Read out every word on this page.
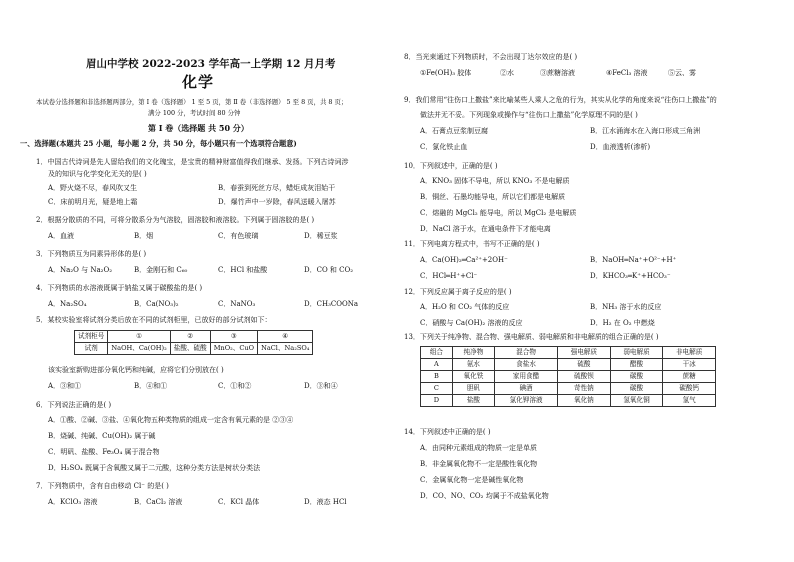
眉山中学校 2022-2023 学年高一上学期 12 月月考
化学
本试卷分选择题和非选择题两部分，第 Ⅰ 卷（选择题） 1 至 5 页，第 Ⅱ 卷（非选择题） 5 至 8 页，共 8 页；
满分 100 分，考试时间 80 分钟
第 Ⅰ 卷（选择题 共 50 分）
一、选择题(本题共 25 小题，每小题 2 分，共 50 分，每小题只有一个选项符合题意)
1．中国古代诗词是先人留给我们的文化瑰宝，是宝贵的精神财富值得我们继承、发扬。下列古诗词涉
及的知识与化学变化无关的是( )
A．野火烧不尽，春风吹又生	B．春蚕到死丝方尽，蜡炬成灰泪始干
C．床前明月光，疑是地上霜	D．爆竹声中一岁除，春风送暖入屠苏
2．根据分散质的不同，可将分散系分为气溶胶，固溶胶和液溶胶。下列属于固溶胶的是( )
A．血液	B．烟	C．有色玻璃	D．稀豆浆
3．下列物质互为同素异形体的是( )
A．Na₂O 与 Na₂O₂	B．金刚石和 C₆₀	C．HCl 和盐酸	D．CO 和 CO₂
4．下列物质的水溶液既属于钠盐又属于碳酸盐的是( )
A．Na₂SO₄	B．Ca(NO₃)₂	C．NaNO₃	D．CH₃COONa
5．某校实验室将试剂分类后放在不同的试剂柜里，已放好的部分试剂如下：
试剂柜号	①	②	③	④
试剂	NaOH、Ca(OH)₂	盐酸、硫酸	MnO₂、CuO	NaCl、Na₂SO₄
该实验室新购进部分氧化钙和纯碱，应将它们分别放在( )
A．③和①	B．④和①	C．①和②	D．③和④
6．下列说法正确的是( )
A．①酸、②碱、③盐、④氧化物五种类物质的组成一定含有氧元素的是 ②③④
B．烧碱、纯碱、Cu(OH)₂ 属于碱
C．明矾、盐酸、Fe₃O₄ 属于混合物
D．H₂SO₄ 既属于含氧酸又属于二元酸，这种分类方法是树状分类法
7．下列物质中，含有自由移动 Cl⁻ 的是( )
A．KClO₃ 溶液	B．CaCl₂ 溶液	C．KCl 晶体	D．液态 HCl
8．当光束通过下列物质时，不会出现丁达尔效应的是( )
①Fe(OH)₃ 胶体	②水	③蔗糖溶液	④FeCl₃ 溶液	⑤云、雾
9．我们常用“往伤口上撒盐”来比喻某些人乘人之危的行为，其实从化学的角度来说“往伤口上撒盐”的
做法并无不妥。下列现象或操作与“往伤口上撒盐”化学原理不同的是( )
A．石膏点豆浆制豆腐	B．江水涌海水在入海口形成三角洲
C．氯化铁止血	D．血液透析(渗析)
10．下列叙述中，正确的是( )
A．KNO₃ 固体不导电，所以 KNO₃ 不是电解质
B．铜丝、石墨均能导电，所以它们都是电解质
C．熔融的 MgCl₂ 能导电，所以 MgCl₂ 是电解质
D．NaCl 溶于水，在通电条件下才能电离
11．下列电离方程式中，书写不正确的是( )
A．Ca(OH)₂═Ca²⁺+2OH⁻	B．NaOH═Na⁺+O²⁻+H⁺
C．HCl═H⁺+Cl⁻	D．KHCO₃═K⁺+HCO₃⁻
12．下列反应属于离子反应的是( )
A．H₂O 和 CO₂ 气体的反应	B．NH₃ 溶于水的反应
C．硝酸与 Ca(OH)₂ 溶液的反应	D．H₂ 在 O₂ 中燃烧
13．下列关于纯净物、混合物、强电解质、弱电解质和非电解质的组合正确的是( )
组合	纯净物	混合物	强电解质	弱电解质	非电解质
A	氨水	食盐水	硫酸	醋酸	干冰
B	氧化铁	家用食醋	硫酸钡	碳酸	蔗糖
C	胆矾	碘酒	苛性钠	碳酸	碳酸钙
D	盐酸	氯化钾溶液	氧化钠	氢氧化铜	氢气
14．下列叙述中正确的是( )
A．由同种元素组成的物质一定是单质
B．非金属氧化物不一定是酸性氧化物
C．金属氧化物一定是碱性氧化物
D．CO、NO、CO₂ 均属于不成盐氧化物
